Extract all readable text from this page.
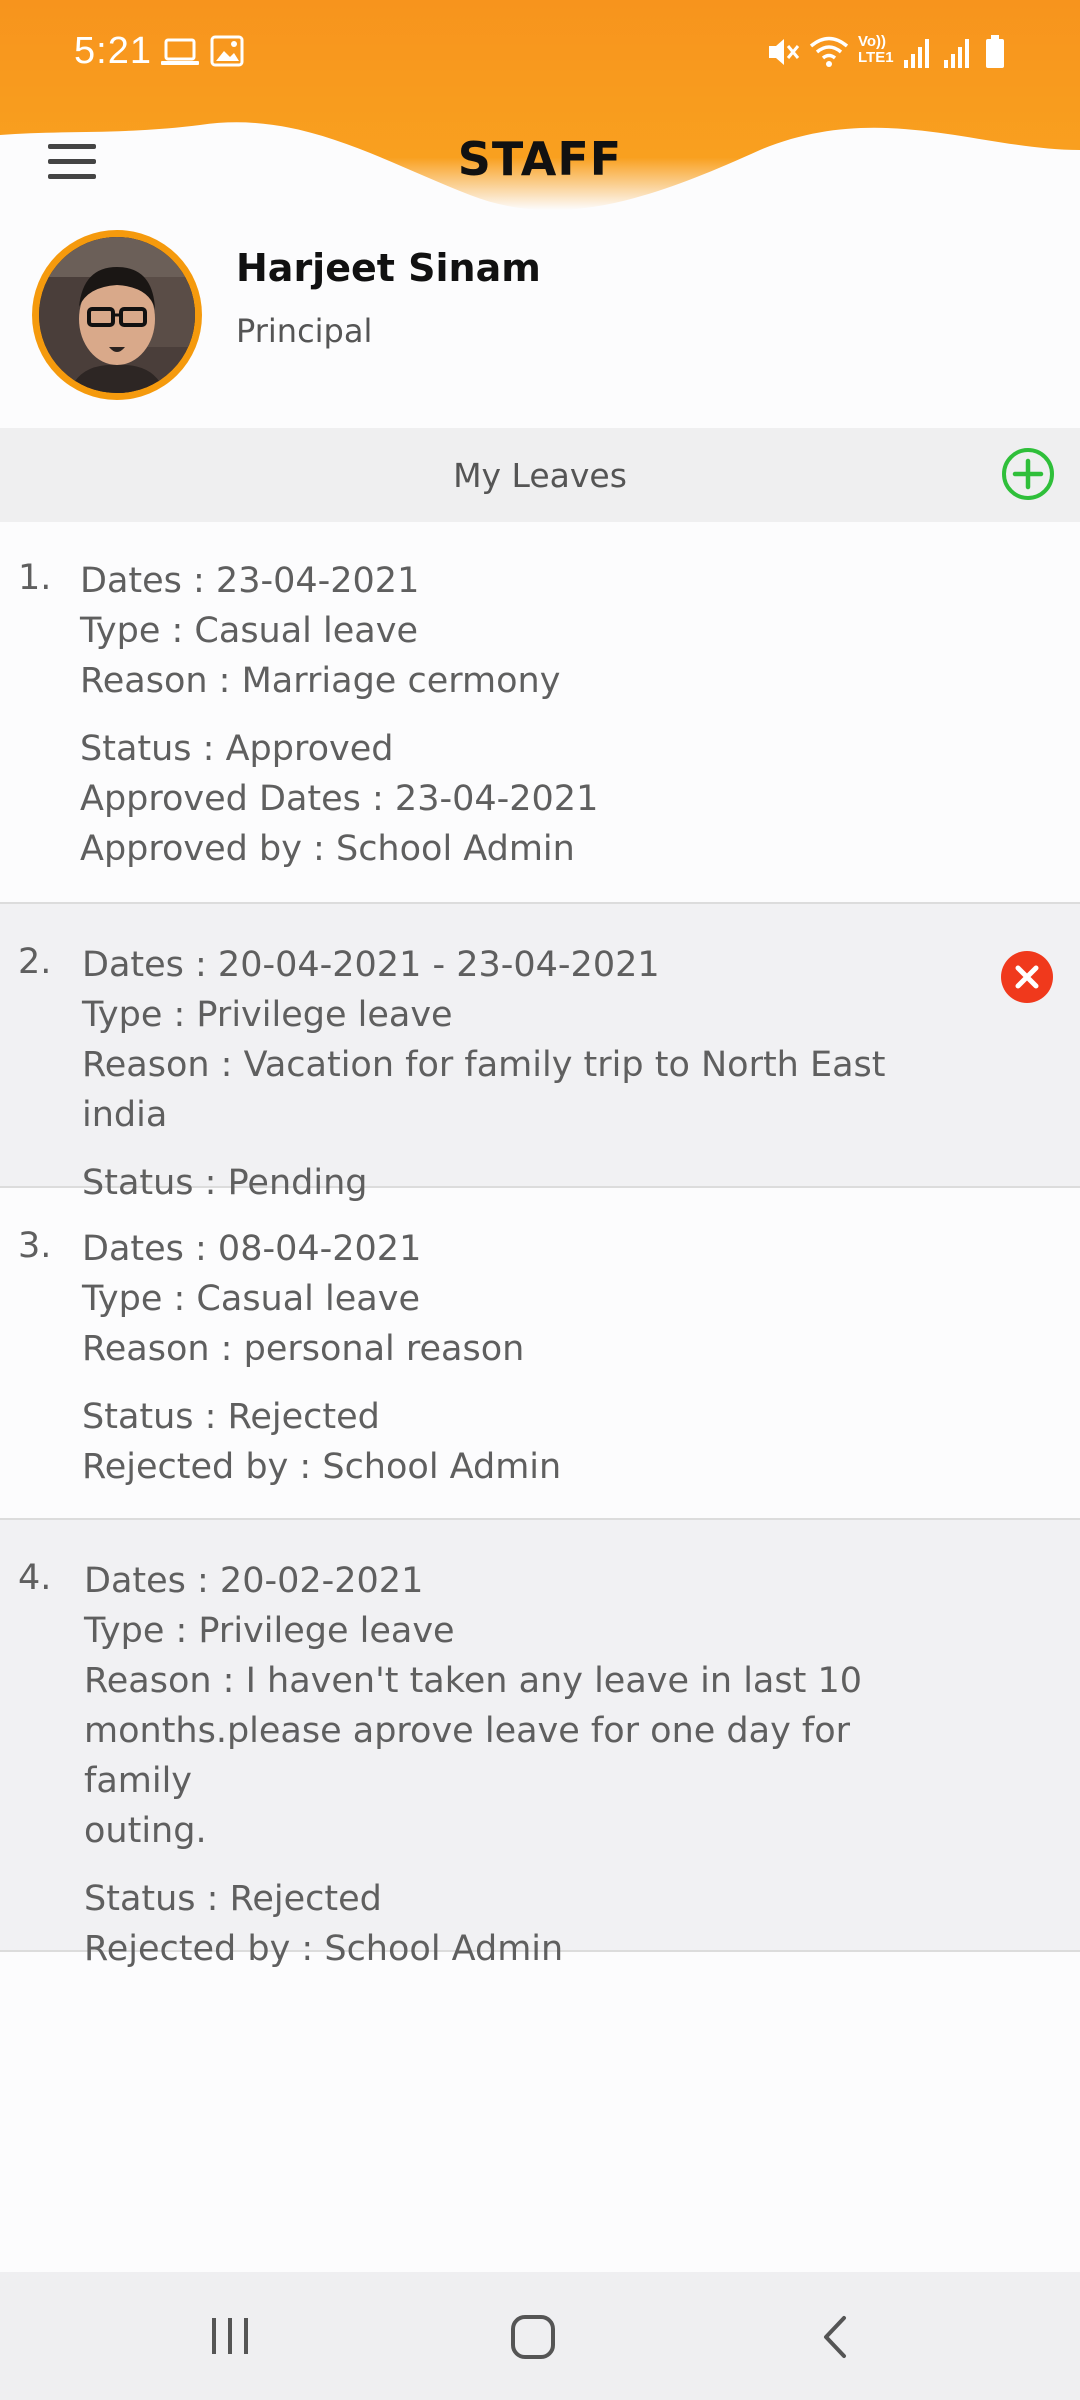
5:21	Vo))
LTE1
STAFF
Harjeet Sinam
Principal
My Leaves
1. Dates : 23-04-2021
Type : Casual leave
Reason : Marriage cermony
Status : Approved
Approved Dates : 23-04-2021
Approved by : School Admin
2. Dates : 20-04-2021 - 23-04-2021
Type : Privilege leave
Reason : Vacation for family trip to North East india
Status : Pending
3. Dates : 08-04-2021
Type : Casual leave
Reason : personal reason
Status : Rejected
Rejected by : School Admin
4. Dates : 20-02-2021
Type : Privilege leave
Reason : I haven't taken any leave in last 10
months.please aprove leave for one day for family
outing.
Status : Rejected
Rejected by : School Admin
